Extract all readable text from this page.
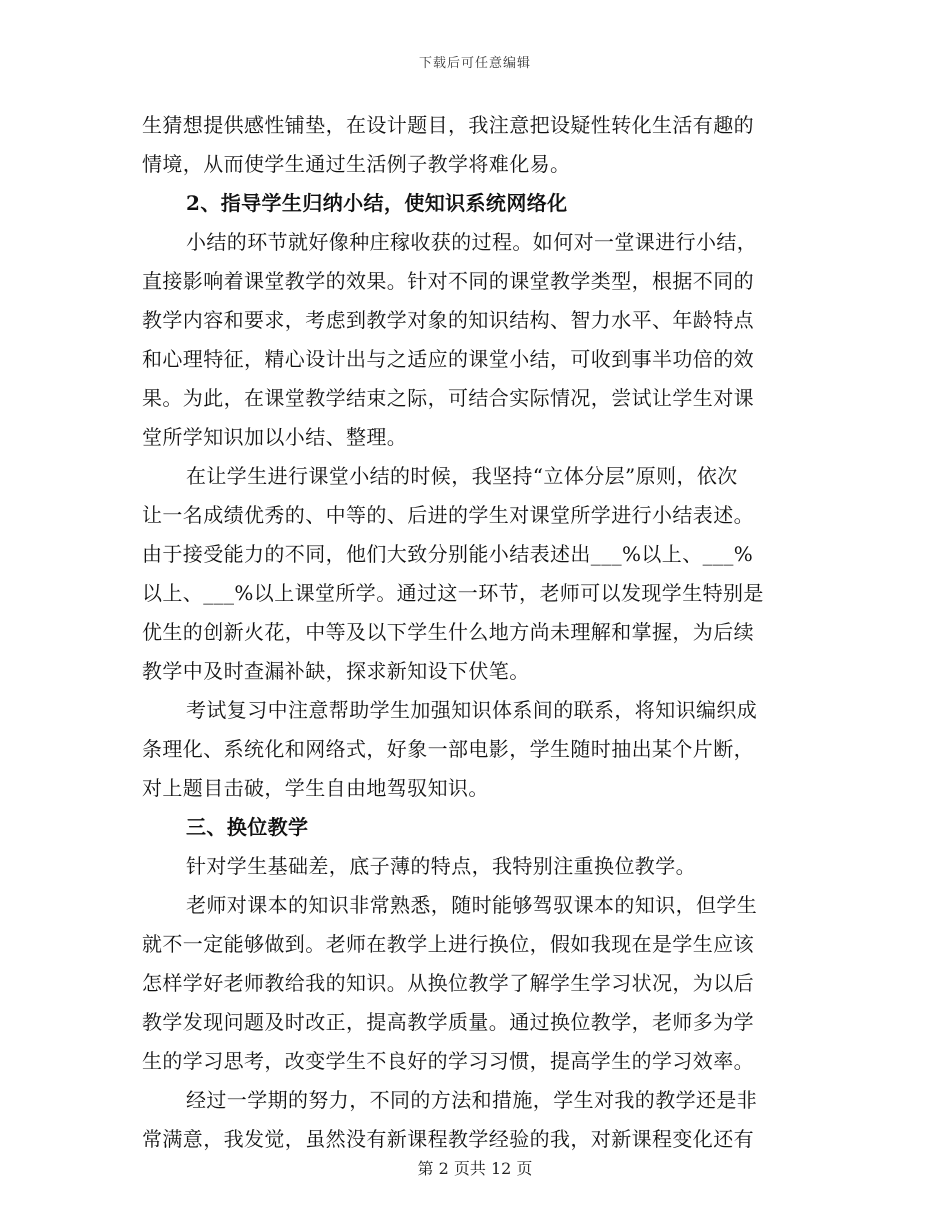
下载后可任意编辑
生猜想提供感性铺垫，在设计题目，我注意把设疑性转化生活有趣的
情境，从而使学生通过生活例子教学将难化易。
2、指导学生归纳小结，使知识系统网络化
小结的环节就好像种庄稼收获的过程。如何对一堂课进行小结，
直接影响着课堂教学的效果。针对不同的课堂教学类型，根据不同的
教学内容和要求，考虑到教学对象的知识结构、智力水平、年龄特点
和心理特征，精心设计出与之适应的课堂小结，可收到事半功倍的效
果。为此，在课堂教学结束之际，可结合实际情况，尝试让学生对课
堂所学知识加以小结、整理。
在让学生进行课堂小结的时候，我坚持“立体分层”原则，依次
让一名成绩优秀的、中等的、后进的学生对课堂所学进行小结表述。
由于接受能力的不同，他们大致分别能小结表述出___%以上、___%
以上、___%以上课堂所学。通过这一环节，老师可以发现学生特别是
优生的创新火花，中等及以下学生什么地方尚未理解和掌握，为后续
教学中及时查漏补缺，探求新知设下伏笔。
考试复习中注意帮助学生加强知识体系间的联系，将知识编织成
条理化、系统化和网络式，好象一部电影，学生随时抽出某个片断，
对上题目击破，学生自由地驾驭知识。
三、换位教学
针对学生基础差，底子薄的特点，我特别注重换位教学。
老师对课本的知识非常熟悉，随时能够驾驭课本的知识，但学生
就不一定能够做到。老师在教学上进行换位，假如我现在是学生应该
怎样学好老师教给我的知识。从换位教学了解学生学习状况，为以后
教学发现问题及时改正，提高教学质量。通过换位教学，老师多为学
生的学习思考，改变学生不良好的学习习惯，提高学生的学习效率。
经过一学期的努力，不同的方法和措施，学生对我的教学还是非
常满意，我发觉，虽然没有新课程教学经验的我，对新课程变化还有
第 2 页共 12 页
